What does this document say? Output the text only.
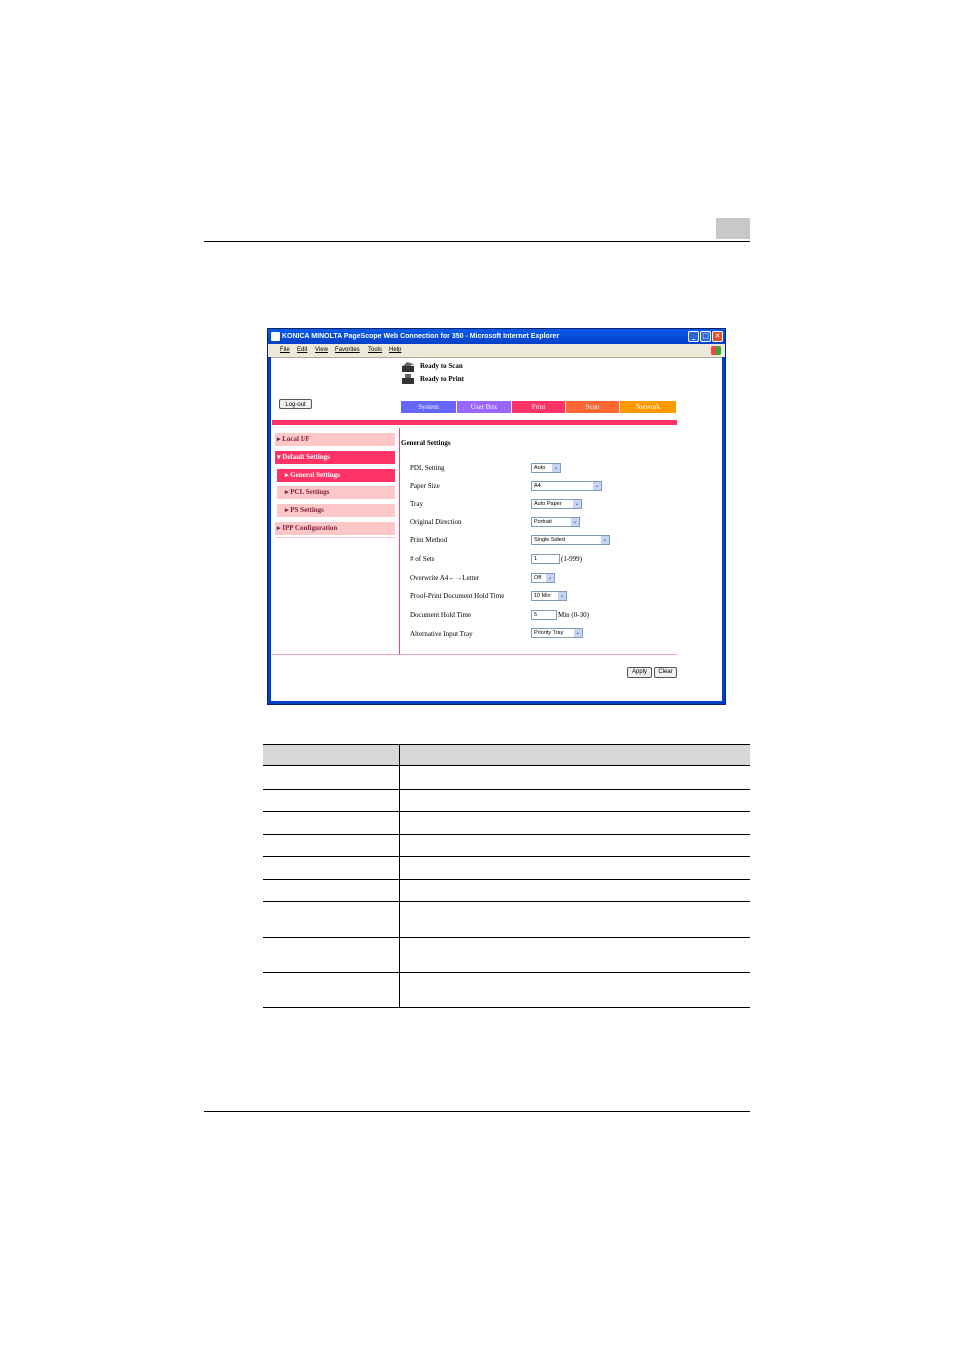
KONICA MINOLTA PageScope Web Connection for 350 - Microsoft Internet Explorer	_ □ ✕
File Edit View Favorites Tools Help
Ready to Scan
Ready to Print
Log-out	System	User Box	Print	Scan	Network
▸ Local I/F
▾ Default Settings
▸ General Settings
▸ PCL Settings
▸ PS Settings
▸ IPP Configuration
General Settings
PDL Setting	Auto ⌄
Paper Size	A4	⌄
Tray	Auto Paper ⌄
Original Direction	Portrait	⌄
Print Method	Single Sided	⌄
# of Sets	1	(1-999)
Overwrite A4←→Letter	Off ⌄
Proof-Print Document Hold Time	10 Min ⌄
Document Hold Time	5	Min (0-30)
Alternative Input Tray	Priority Tray ⌄
Apply	Clear
